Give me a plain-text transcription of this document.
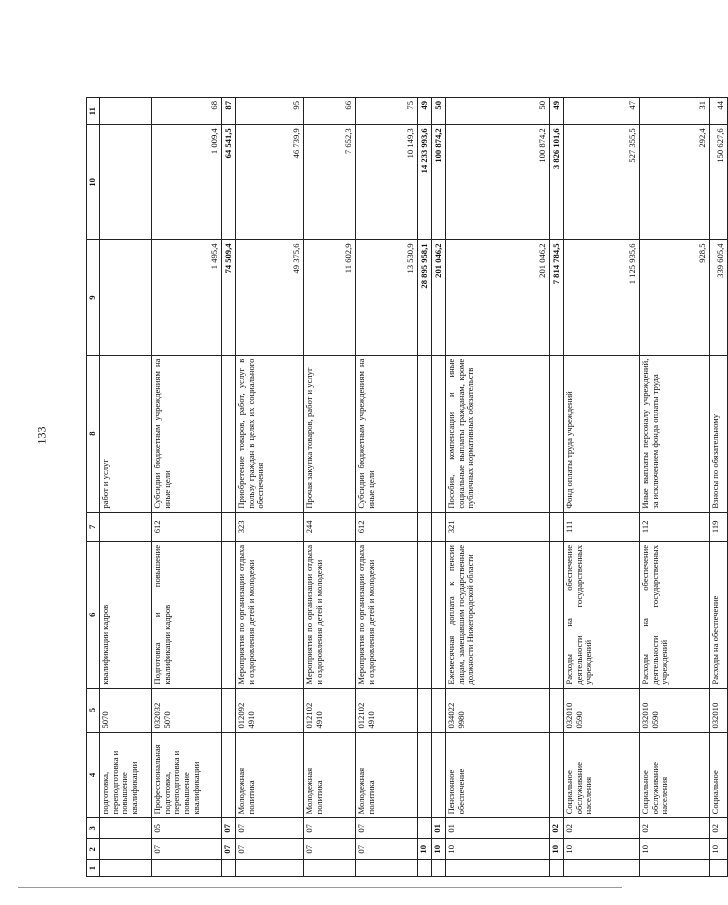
133
1	2	3	4	5	6	7	8	9	10	11
			подготовка, переподготовка и повышение квалификации	5070	квалификации кадров		работ и услуг			
	07	05	Профессиональная подготовка, переподготовка и повышение квалификации	032032 5070	Подготовка и повышение квалификации кадров	612	Субсидии бюджетным учреждениям на иные цели	1 495,4	1 009,4	68
	07	07						74 509,4	64 541,5	87
	07	07	Молодежная политика	012092 4910	Мероприятия по организации отдыха и оздоровления детей и молодежи	323	Приобретение товаров, работ, услуг в пользу граждан в целях их социального обеспечения	49 375,6	46 739,9	95
	07	07	Молодежная политика	012102 4910	Мероприятия по организации отдыха и оздоровления детей и молодежи	244	Прочая закупка товаров, работ и услуг	11 602,9	7 652,3	66
	07	07	Молодежная политика	012102 4910	Мероприятия по организации отдыха и оздоровления детей и молодежи	612	Субсидии бюджетным учреждениям на иные цели	13 530,9	10 149,3	75
	10							28 895 958,1	14 233 993,6	49
	10	01						201 046,2	100 874,2	50
	10	01	Пенсионное обеспечение	034022 9980	Ежемесячная доплата к пенсии лицам, замещавшим государственные должности Нижегородской области	321	Пособия, компенсации и иные социальные выплаты гражданам, кроме публичных нормативных обязательств	201 046,2	100 874,2	50
	10	02						7 814 784,5	3 826 101,6	49
	10	02	Социальное обслуживание населения	032010 0590	Расходы на обеспечение деятельности государственных учреждений	111	Фонд оплаты труда учреждений	1 125 935,6	527 355,5	47
	10	02	Социальное обслуживание населения	032010 0590	Расходы на обеспечение деятельности государственных учреждений	112	Иные выплаты персоналу учреждений, за исключением фонда оплаты труда	928,5	292,4	31
	10	02	Социальное	032010	Расходы на обеспечение	119	Взносы по обязательному	339 605,4	150 627,6	44
